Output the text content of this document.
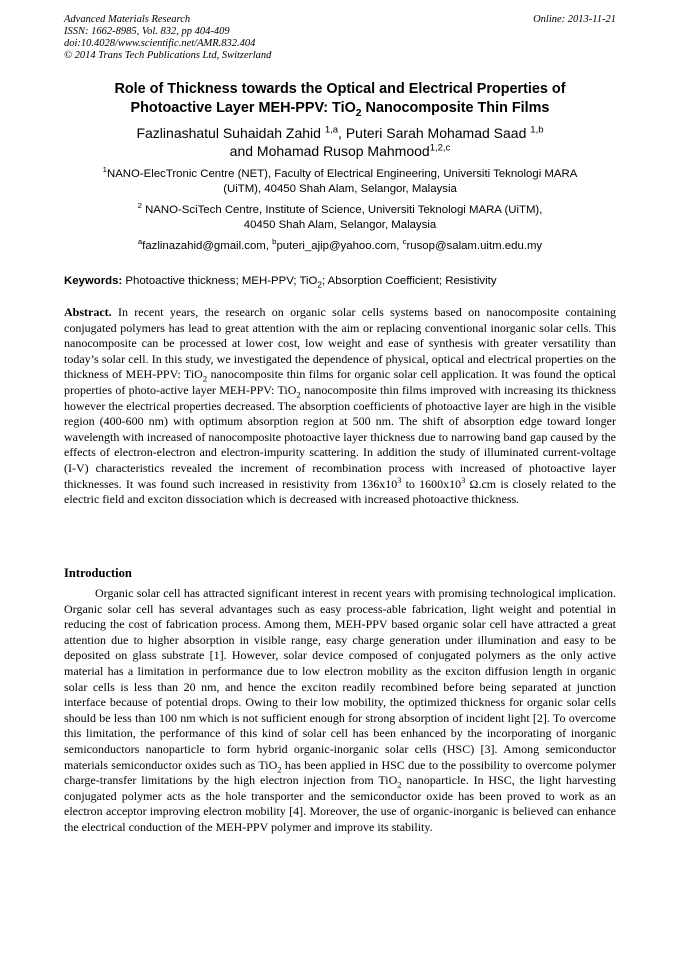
Advanced Materials Research
ISSN: 1662-8985, Vol. 832, pp 404-409
doi:10.4028/www.scientific.net/AMR.832.404
© 2014 Trans Tech Publications Ltd, Switzerland
Online: 2013-11-21
Role of Thickness towards the Optical and Electrical Properties of
Photoactive Layer MEH-PPV: TiO$_2$ Nanocomposite Thin Films
Fazlinashatul Suhaidah Zahid $^{1,a}$, Puteri Sarah Mohamad Saad $^{1,b}$
and Mohamad Rusop Mahmood$^{1,2,c}$
$^1$NANO-ElecTronic Centre (NET), Faculty of Electrical Engineering, Universiti Teknologi MARA
(UiTM), 40450 Shah Alam, Selangor, Malaysia
$^2$ NANO-SciTech Centre, Institute of Science, Universiti Teknologi MARA (UiTM),
40450 Shah Alam, Selangor, Malaysia
$^a$fazlinazahid@gmail.com, $^b$puteri_ajip@yahoo.com, $^c$rusop@salam.uitm.edu.my
Keywords: Photoactive thickness; MEH-PPV; TiO$_2$; Absorption Coefficient; Resistivity
Abstract. In recent years, the research on organic solar cells systems based on nanocomposite containing conjugated polymers has lead to great attention with the aim or replacing conventional inorganic solar cells. This nanocomposite can be processed at lower cost, low weight and ease of synthesis with greater versatility than today’s solar cell. In this study, we investigated the dependence of physical, optical and electrical properties on the thickness of MEH-PPV: TiO$_2$ nanocomposite thin films for organic solar cell application. It was found the optical properties of photo-active layer MEH-PPV: TiO$_2$ nanocomposite thin films improved with increasing its thickness however the electrical properties decreased. The absorption coefficients of photoactive layer are high in the visible region (400-600 nm) with optimum absorption region at 500 nm. The shift of absorption edge toward longer wavelength with increased of nanocomposite photoactive layer thickness due to narrowing band gap caused by the effects of electron-electron and electron-impurity scattering. In addition the study of illuminated current-voltage (I-V) characteristics revealed the increment of recombination process with increased of photoactive layer thicknesses. It was found such increased in resistivity from $136x10^3$ to $1600x10^3$ Ω.cm is closely related to the electric field and exciton dissociation which is decreased with increased photoactive thickness.
Introduction
Organic solar cell has attracted significant interest in recent years with promising technological implication. Organic solar cell has several advantages such as easy process-able fabrication, light weight and potential in reducing the cost of fabrication process. Among them, MEH-PPV based organic solar cell have attracted a great attention due to higher absorption in visible range, easy charge generation under illumination and easy to be deposited on glass substrate [1]. However, solar device composed of conjugated polymers as the only active material has a limitation in performance due to low electron mobility as the exciton diffusion length in organic solar cells is less than 20 nm, and hence the exciton readily recombined before being separated at junction interface because of potential drops. Owing to their low mobility, the optimized thickness for organic solar cells should be less than 100 nm which is not sufficient enough for strong absorption of incident light [2]. To overcome this limitation, the performance of this kind of solar cell has been enhanced by the incorporating of inorganic semiconductors nanoparticle to form hybrid organic-inorganic solar cells (HSC) [3]. Among semiconductor materials semiconductor oxides such as TiO$_2$ has been applied in HSC due to the possibility to overcome polymer charge-transfer limitations by the high electron injection from TiO$_2$ nanoparticle. In HSC, the light harvesting conjugated polymer acts as the hole transporter and the semiconductor oxide has been proved to work as an electron acceptor improving electron mobility [4]. Moreover, the use of organic-inorganic is believed can enhance the electrical conduction of the MEH-PPV polymer and improve its stability.
